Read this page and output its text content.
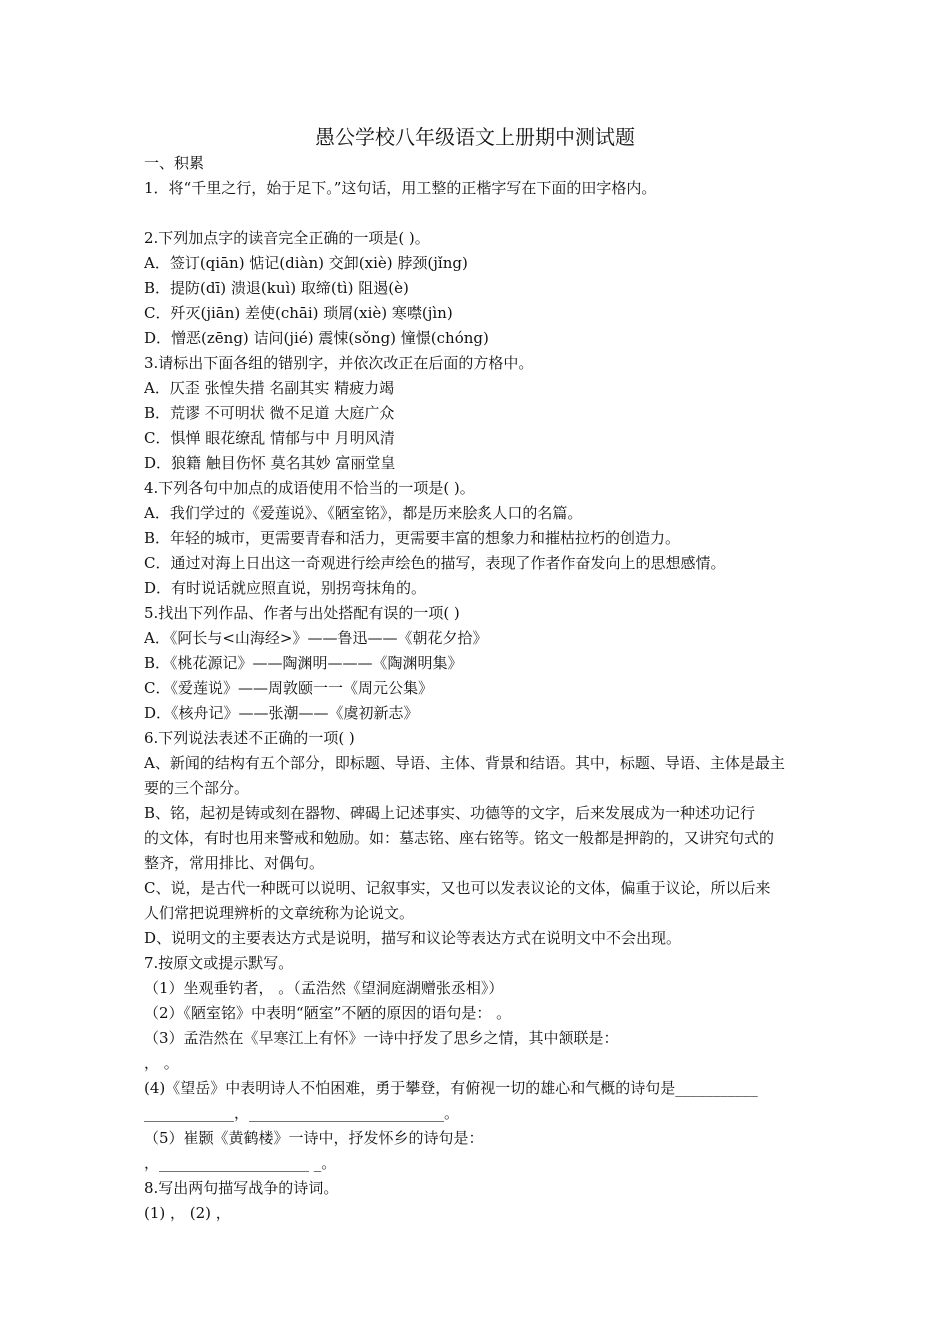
愚公学校八年级语文上册期中测试题
一、积累
1．将“千里之行，始于足下。”这句话，用工整的正楷字写在下面的田字格内。
2.下列加点字的读音完全正确的一项是( )。
A．签订(qiān) 惦记(diàn) 交卸(xiè) 脖颈(jǐng)
B．提防(dī) 溃退(kuì) 取缔(tì) 阻遏(è)
C．歼灭(jiān) 差使(chāi) 琐屑(xiè) 寒噤(jìn)
D．憎恶(zēng) 诘问(jié) 震悚(sǒng) 憧憬(chóng)
3.请标出下面各组的错别字，并依次改正在后面的方格中。
A．仄歪 张惶失措 名副其实 精疲力竭
B．荒谬 不可明状 微不足道 大庭广众
C．惧惮 眼花缭乱 情郁与中 月明风清
D．狼籍 触目伤怀 莫名其妙 富丽堂皇
4.下列各句中加点的成语使用不恰当的一项是( )。
A．我们学过的《爱莲说》、《陋室铭》，都是历来脍炙人口的名篇。
B．年轻的城市，更需要青春和活力，更需要丰富的想象力和摧枯拉朽的创造力。
C．通过对海上日出这一奇观进行绘声绘色的描写，表现了作者作奋发向上的思想感情。
D．有时说话就应照直说，别拐弯抹角的。
5.找出下列作品、作者与出处搭配有误的一项( )
A．《阿长与<山海经>》——鲁迅——《朝花夕拾》
B．《桃花源记》——陶渊明———《陶渊明集》
C．《爱莲说》——周敦颐一一《周元公集》
D．《核舟记》——张潮——《虞初新志》
6.下列说法表述不正确的一项( )
A、新闻的结构有五个部分，即标题、导语、主体、背景和结语。其中，标题、导语、主体是最主
要的三个部分。
B、铭，起初是铸或刻在器物、碑碣上记述事实、功德等的文字，后来发展成为一种述功记行
的文体，有时也用来警戒和勉励。如：墓志铭、座右铭等。铭文一般都是押韵的，又讲究句式的
整齐，常用排比、对偶句。
C、说，是古代一种既可以说明、记叙事实，又也可以发表议论的文体，偏重于议论，所以后来
人们常把说理辨析的文章统称为论说文。
D、说明文的主要表达方式是说明，描写和议论等表达方式在说明文中不会出现。
7.按原文或提示默写。
（1）坐观垂钓者， 。（孟浩然《望洞庭湖赠张丞相》）
（2）《陋室铭》中表明“陋室”不陋的原因的语句是： 。
（3）孟浩然在《早寒江上有怀》一诗中抒发了思乡之情，其中颔联是：
， 。
(4)《望岳》中表明诗人不怕困难，勇于攀登，有俯视一切的雄心和气概的诗句是___________
____________，__________________________。
（5）崔颢《黄鹤楼》一诗中，抒发怀乡的诗句是：
，____________________ _。
8.写出两句描写战争的诗词。
(1) ， (2) ，
